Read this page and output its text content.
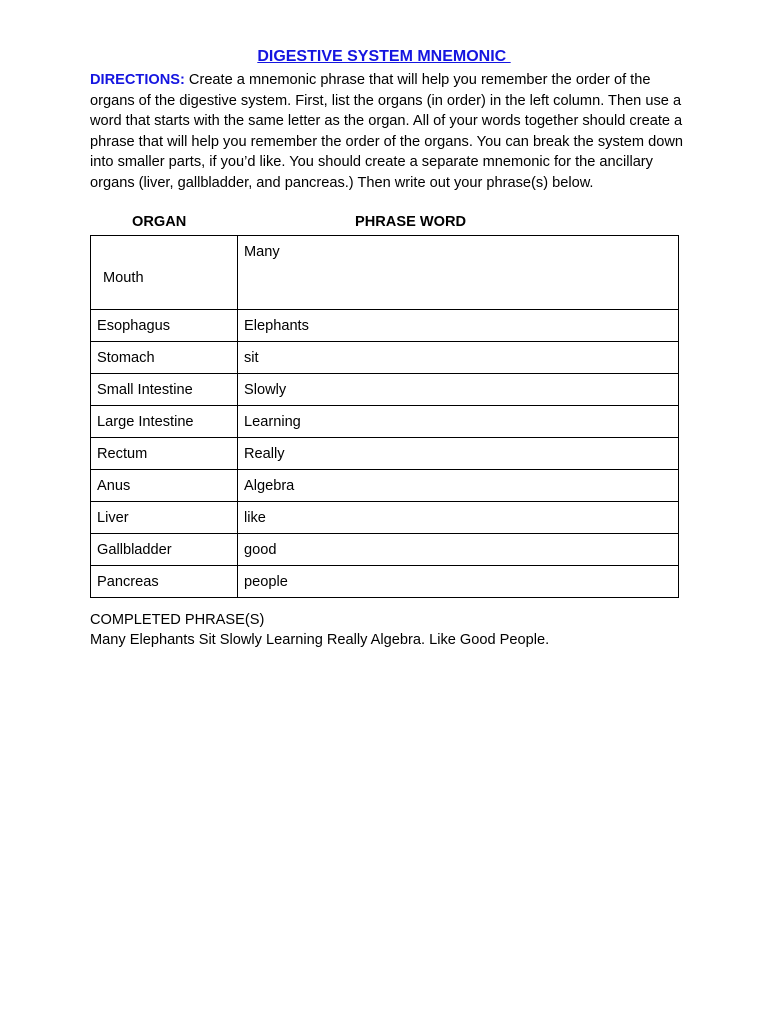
DIGESTIVE SYSTEM MNEMONIC
DIRECTIONS: Create a mnemonic phrase that will help you remember the order of the organs of the digestive system. First, list the organs (in order) in the left column. Then use a word that starts with the same letter as the organ. All of your words together should create a phrase that will help you remember the order of the organs. You can break the system down into smaller parts, if you’d like. You should create a separate mnemonic for the ancillary organs (liver, gallbladder, and pancreas.) Then write out your phrase(s) below.
ORGAN	PHRASE WORD
Mouth	Many
Esophagus	Elephants
Stomach	sit
Small Intestine	Slowly
Large Intestine	Learning
Rectum	Really
Anus	Algebra
Liver	like
Gallbladder	good
Pancreas	people
COMPLETED PHRASE(S)
Many Elephants Sit Slowly Learning Really Algebra. Like Good People.
